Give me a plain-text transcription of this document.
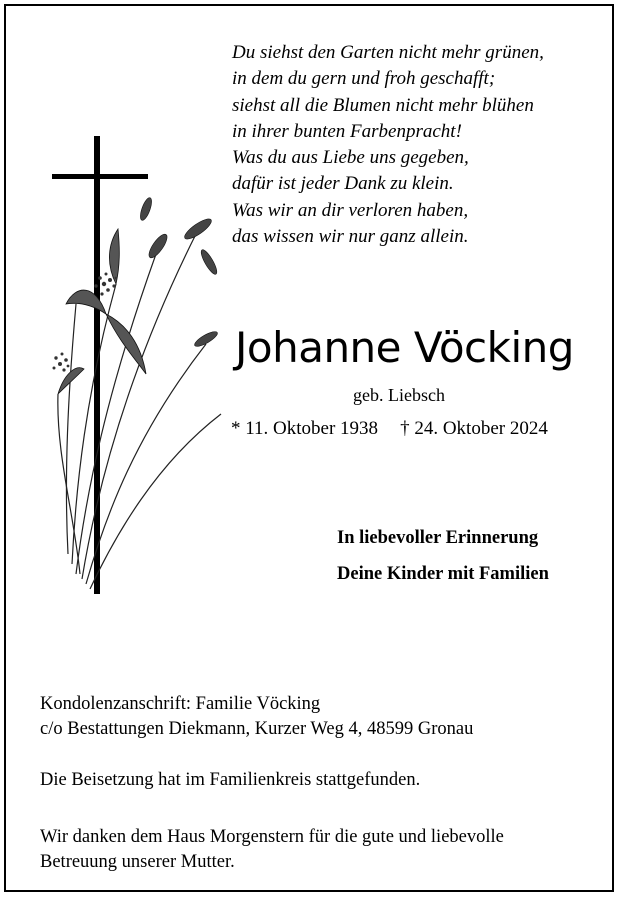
Du siehst den Garten nicht mehr grünen,
in dem du gern und froh geschafft;
siehst all die Blumen nicht mehr blühen
in ihrer bunten Farbenpracht!
Was du aus Liebe uns gegeben,
dafür ist jeder Dank zu klein.
Was wir an dir verloren haben,
das wissen wir nur ganz allein.
Johanne Vöcking
geb. Liebsch
* 11. Oktober 1938 † 24. Oktober 2024
In liebevoller Erinnerung
Deine Kinder mit Familien
Kondolenzanschrift: Familie Vöcking
c/o Bestattungen Diekmann, Kurzer Weg 4, 48599 Gronau
Die Beisetzung hat im Familienkreis stattgefunden.
Wir danken dem Haus Morgenstern für die gute und liebevolle
Betreuung unserer Mutter.
